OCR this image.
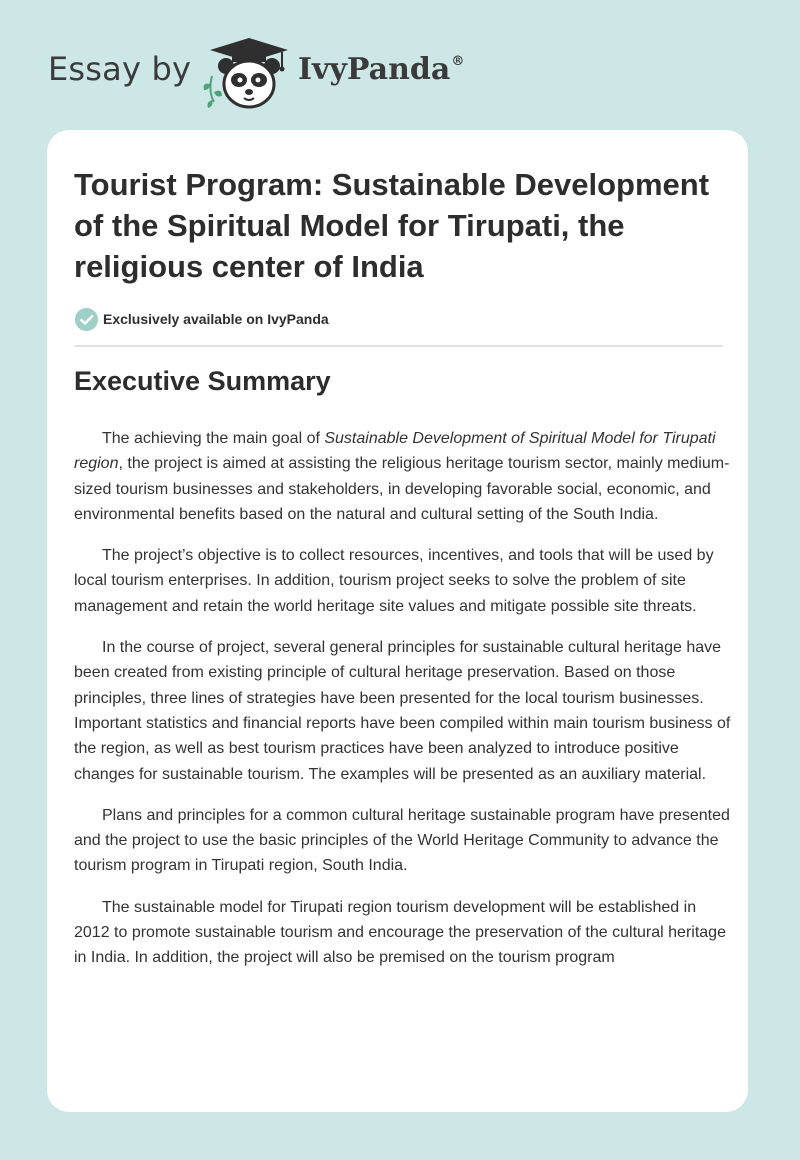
Essay by	IvyPanda®
Tourist Program: Sustainable Development of the Spiritual Model for Tirupati, the religious center of India
Exclusively available on IvyPanda
Executive Summary

The achieving the main goal of Sustainable Development of Spiritual Model for Tirupati region, the project is aimed at assisting the religious heritage tourism sector, mainly medium-sized tourism businesses and stakeholders, in developing favorable social, economic, and environmental benefits based on the natural and cultural setting of the South India.

The project’s objective is to collect resources, incentives, and tools that will be used by local tourism enterprises. In addition, tourism project seeks to solve the problem of site management and retain the world heritage site values and mitigate possible site threats.

In the course of project, several general principles for sustainable cultural heritage have been created from existing principle of cultural heritage preservation. Based on those principles, three lines of strategies have been presented for the local tourism businesses. Important statistics and financial reports have been compiled within main tourism business of the region, as well as best tourism practices have been analyzed to introduce positive changes for sustainable tourism. The examples will be presented as an auxiliary material.

Plans and principles for a common cultural heritage sustainable program have presented and the project to use the basic principles of the World Heritage Community to advance the tourism program in Tirupati region, South India.

The sustainable model for Tirupati region tourism development will be established in 2012 to promote sustainable tourism and encourage the preservation of the cultural heritage in India. In addition, the project will also be premised on the tourism program
